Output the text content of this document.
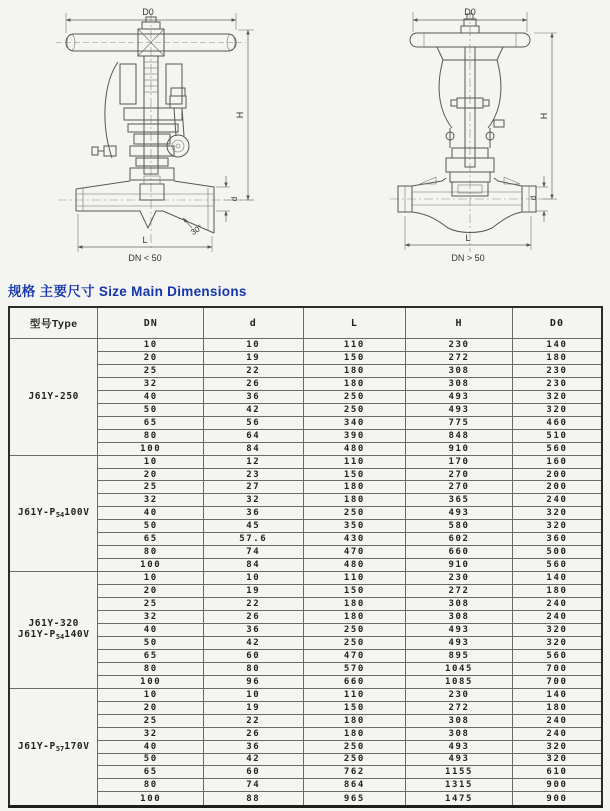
D0
H
d
30°
L
DN < 50
D0
H
d
L
DN > 50
规格 主要尺寸 Size Main Dimensions
型号Type	DN	d	L	H	D0

J61Y-250	10	10	110	230	140
	20	19	150	272	180
	25	22	180	308	230
	32	26	180	308	230
	40	36	250	493	320
	50	42	250	493	320
	65	56	340	775	460
	80	64	390	848	510
	100	84	480	910	560

$J61Y-P_{54}100V$	10	12	110	170	160
	20	23	150	270	200
	25	27	180	270	200
	32	32	180	365	240
	40	36	250	493	320
	50	45	350	580	320
	65	57.6	430	602	360
	80	74	470	660	500
	100	84	480	910	560

J61Y-320
$J61Y-P_{54}140V$	10	10	110	230	140
	20	19	150	272	180
	25	22	180	308	240
	32	26	180	308	240
	40	36	250	493	320
	50	42	250	493	320
	65	60	470	895	560
	80	80	570	1045	700
	100	96	660	1085	700

$J61Y-P_{57}170V$	10	10	110	230	140
	20	19	150	272	180
	25	22	180	308	240
	32	26	180	308	240
	40	36	250	493	320
	50	42	250	493	320
	65	60	762	1155	610
	80	74	864	1315	900
	100	88	965	1475	900
